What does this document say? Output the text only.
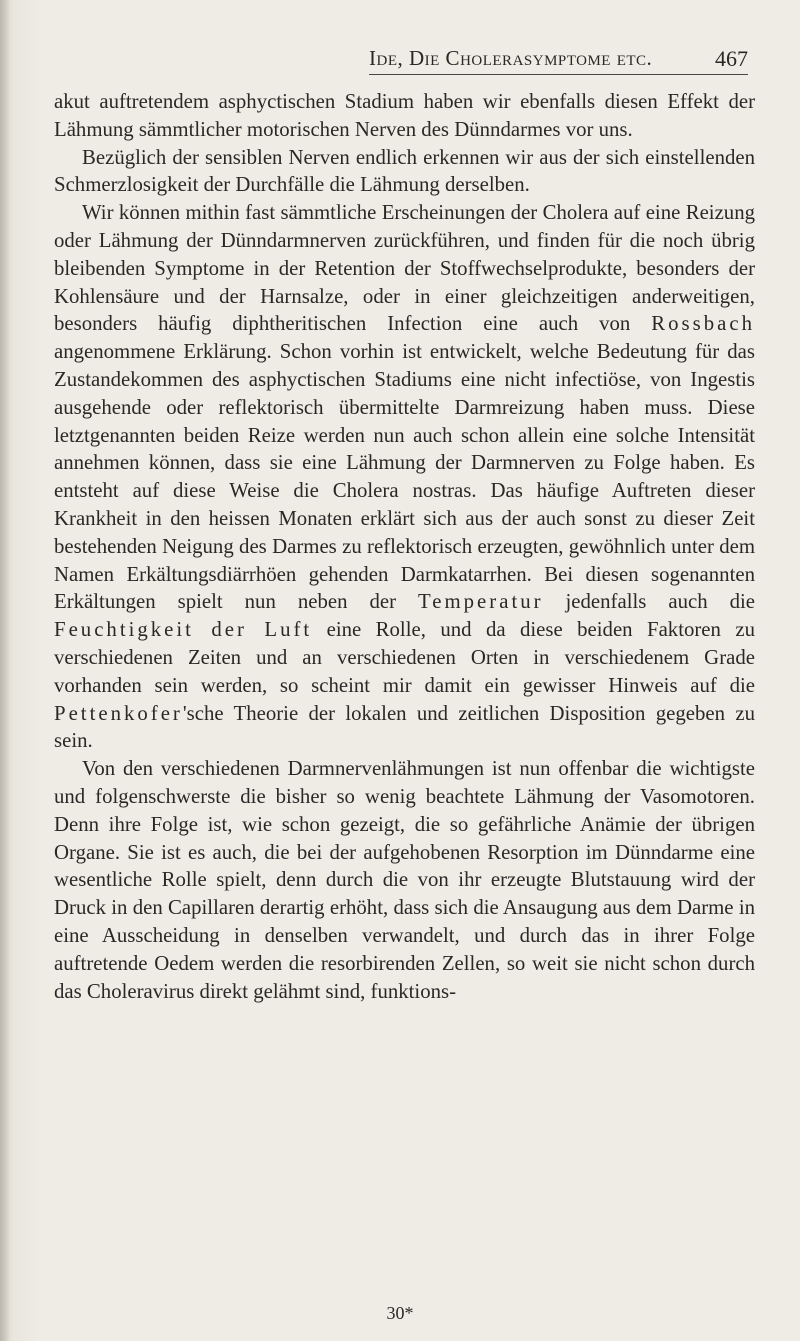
Ide, Die Cholerasymptome etc.	467

akut auftretendem asphyctischen Stadium haben wir ebenfalls diesen Effekt der Lähmung sämmtlicher motorischen Nerven des Dünndarmes vor uns.

Bezüglich der sensiblen Nerven endlich erkennen wir aus der sich einstellenden Schmerzlosigkeit der Durchfälle die Lähmung derselben.

Wir können mithin fast sämmtliche Erscheinungen der Cholera auf eine Reizung oder Lähmung der Dünndarmnerven zurückführen, und finden für die noch übrig bleibenden Symptome in der Retention der Stoffwechselprodukte, besonders der Kohlensäure und der Harnsalze, oder in einer gleichzeitigen anderweitigen, besonders häufig diphtheritischen Infection eine auch von Rossbach angenommene Erklärung. Schon vorhin ist entwickelt, welche Bedeutung für das Zustandekommen des asphyctischen Stadiums eine nicht infectiöse, von Ingestis ausgehende oder reflektorisch übermittelte Darmreizung haben muss. Diese letztgenannten beiden Reize werden nun auch schon allein eine solche Intensität annehmen können, dass sie eine Lähmung der Darmnerven zu Folge haben. Es entsteht auf diese Weise die Cholera nostras. Das häufige Auftreten dieser Krankheit in den heissen Monaten erklärt sich aus der auch sonst zu dieser Zeit bestehenden Neigung des Darmes zu reflektorisch erzeugten, gewöhnlich unter dem Namen Erkältungsdiärrhöen gehenden Darmkatarrhen. Bei diesen sogenannten Erkältungen spielt nun neben der Temperatur jedenfalls auch die Feuchtigkeit der Luft eine Rolle, und da diese beiden Faktoren zu verschiedenen Zeiten und an verschiedenen Orten in verschiedenem Grade vorhanden sein werden, so scheint mir damit ein gewisser Hinweis auf die Pettenkofer'sche Theorie der lokalen und zeitlichen Disposition gegeben zu sein.

Von den verschiedenen Darmnervenlähmungen ist nun offenbar die wichtigste und folgenschwerste die bisher so wenig beachtete Lähmung der Vasomotoren. Denn ihre Folge ist, wie schon gezeigt, die so gefährliche Anämie der übrigen Organe. Sie ist es auch, die bei der aufgehobenen Resorption im Dünndarme eine wesentliche Rolle spielt, denn durch die von ihr erzeugte Blutstauung wird der Druck in den Capillaren derartig erhöht, dass sich die Ansaugung aus dem Darme in eine Ausscheidung in denselben verwandelt, und durch das in ihrer Folge auftretende Oedem werden die resorbirenden Zellen, so weit sie nicht schon durch das Choleravirus direkt gelähmt sind, funktions-

30*
